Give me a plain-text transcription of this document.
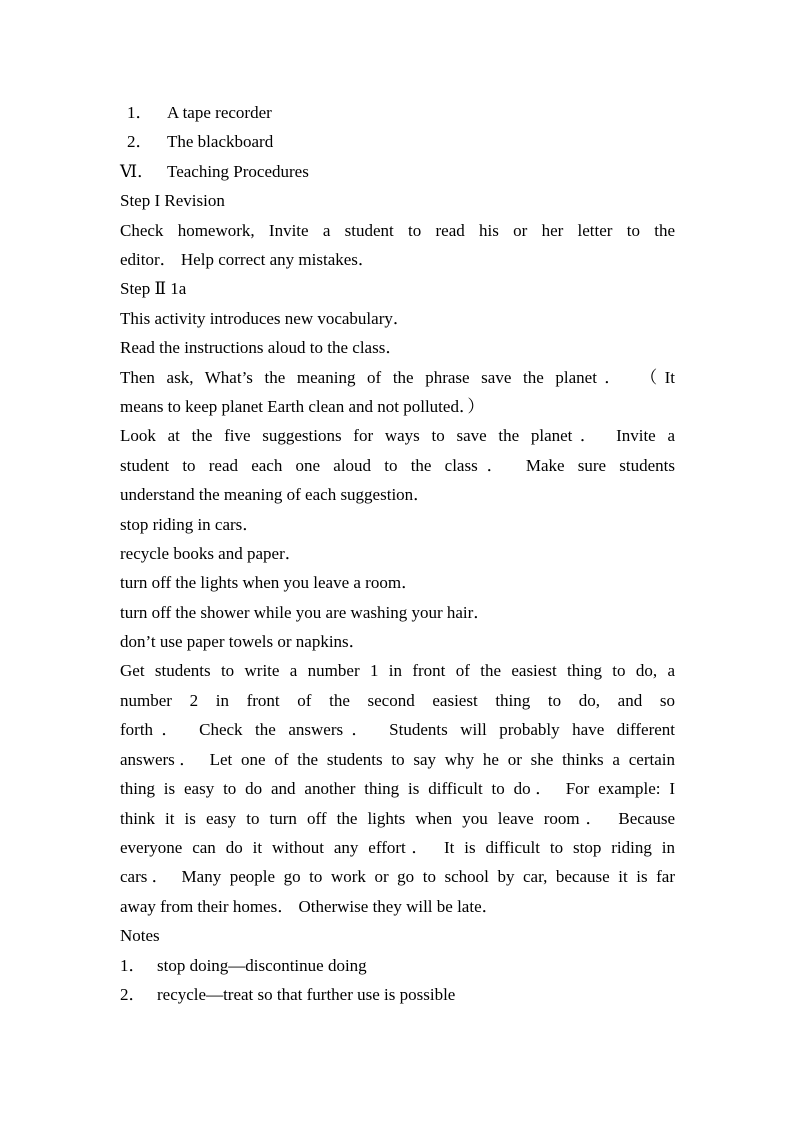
1． A tape recorder
2． The blackboard
Ⅵ． Teaching Procedures
Step I Revision
Check homework, Invite a student to read his or her letter to the
editor． Help correct any mistakes．
Step Ⅱ 1a
This activity introduces new vocabulary．
Read the instructions aloud to the class．
Then ask, What’s the meaning of the phrase save the planet． （It
means to keep planet Earth clean and not polluted．）
Look at the five suggestions for ways to save the planet． Invite a
student to read each one aloud to the class． Make sure students
understand the meaning of each suggestion．
stop riding in cars．
recycle books and paper．
turn off the lights when you leave a room．
turn off the shower while you are washing your hair．
don’t use paper towels or napkins．
Get students to write a number 1 in front of the easiest thing to do, a
number 2 in front of the second easiest thing to do, and so
forth． Check the answers． Students will probably have different
answers． Let one of the students to say why he or she thinks a certain
thing is easy to do and another thing is difficult to do． For example: I
think it is easy to turn off the lights when you leave room． Because
everyone can do it without any effort． It is difficult to stop riding in
cars． Many people go to work or go to school by car, because it is far
away from their homes． Otherwise they will be late．
Notes
1． stop doing—discontinue doing
2． recycle—treat so that further use is possible
